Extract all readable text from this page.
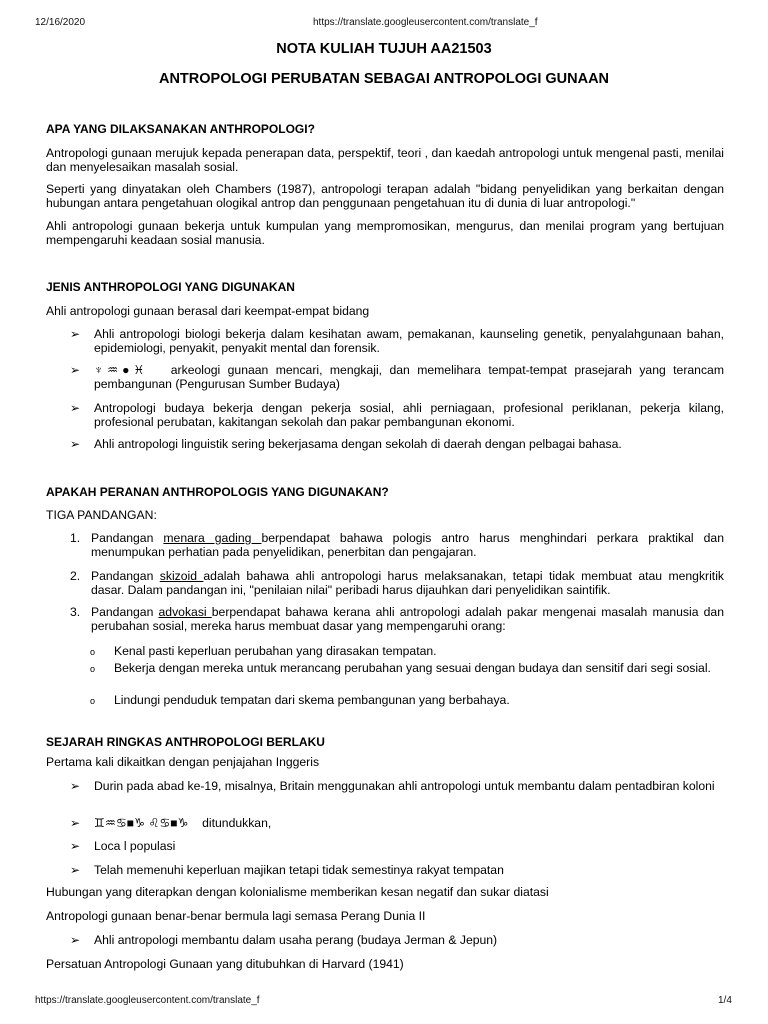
12/16/2020	https://translate.googleusercontent.com/translate_f
NOTA KULIAH TUJUH AA21503
ANTROPOLOGI PERUBATAN SEBAGAI ANTROPOLOGI GUNAAN
APA YANG DILAKSANAKAN ANTHROPOLOGI?
Antropologi gunaan merujuk kepada penerapan data, perspektif, teori , dan kaedah antropologi untuk mengenal pasti, menilai dan menyelesaikan masalah sosial.
Seperti yang dinyatakan oleh Chambers (1987), antropologi terapan adalah "bidang penyelidikan yang berkaitan dengan hubungan antara pengetahuan ologikal antrop dan penggunaan pengetahuan itu di dunia di luar antropologi."
Ahli antropologi gunaan bekerja untuk kumpulan yang mempromosikan, mengurus, dan menilai program yang bertujuan mempengaruhi keadaan sosial manusia.
JENIS ANTHROPOLOGI YANG DIGUNAKAN
Ahli antropologi gunaan berasal dari keempat-empat bidang
➢ Ahli antropologi biologi bekerja dalam kesihatan awam, pemakanan, kaunseling genetik, penyalahgunaan bahan, epidemiologi, penyakit, penyakit mental dan forensik.
➢ ♆♒●♓ arkeologi gunaan mencari, mengkaji, dan memelihara tempat-tempat prasejarah yang terancam pembangunan (Pengurusan Sumber Budaya)
➢ Antropologi budaya bekerja dengan pekerja sosial, ahli perniagaan, profesional periklanan, pekerja kilang, profesional perubatan, kakitangan sekolah dan pakar pembangunan ekonomi.
➢ Ahli antropologi linguistik sering bekerjasama dengan sekolah di daerah dengan pelbagai bahasa.
APAKAH PERANAN ANTHROPOLOGIS YANG DIGUNAKAN?
TIGA PANDANGAN:
1. Pandangan menara gading berpendapat bahawa pologis antro harus menghindari perkara praktikal dan menumpukan perhatian pada penyelidikan, penerbitan dan pengajaran.
2. Pandangan skizoid adalah bahawa ahli antropologi harus melaksanakan, tetapi tidak membuat atau mengkritik dasar. Dalam pandangan ini, "penilaian nilai" peribadi harus dijauhkan dari penyelidikan saintifik.
3. Pandangan advokasi berpendapat bahawa kerana ahli antropologi adalah pakar mengenai masalah manusia dan perubahan sosial, mereka harus membuat dasar yang mempengaruhi orang:
o Kenal pasti keperluan perubahan yang dirasakan tempatan.
o Bekerja dengan mereka untuk merancang perubahan yang sesuai dengan budaya dan sensitif dari segi sosial.
o Lindungi penduduk tempatan dari skema pembangunan yang berbahaya.
SEJARAH RINGKAS ANTHROPOLOGI BERLAKU
Pertama kali dikaitkan dengan penjajahan Inggeris
➢ Durin pada abad ke-19, misalnya, Britain menggunakan ahli antropologi untuk membantu dalam pentadbiran koloni
➢ ♊♒♋■♑ ♌♋■♑ ditundukkan,
➢ Loca l populasi
➢ Telah memenuhi keperluan majikan tetapi tidak semestinya rakyat tempatan
Hubungan yang diterapkan dengan kolonialisme memberikan kesan negatif dan sukar diatasi
Antropologi gunaan benar-benar bermula lagi semasa Perang Dunia II
➢ Ahli antropologi membantu dalam usaha perang (budaya Jerman & Jepun)
Persatuan Antropologi Gunaan yang ditubuhkan di Harvard (1941)
https://translate.googleusercontent.com/translate_f	1/4
